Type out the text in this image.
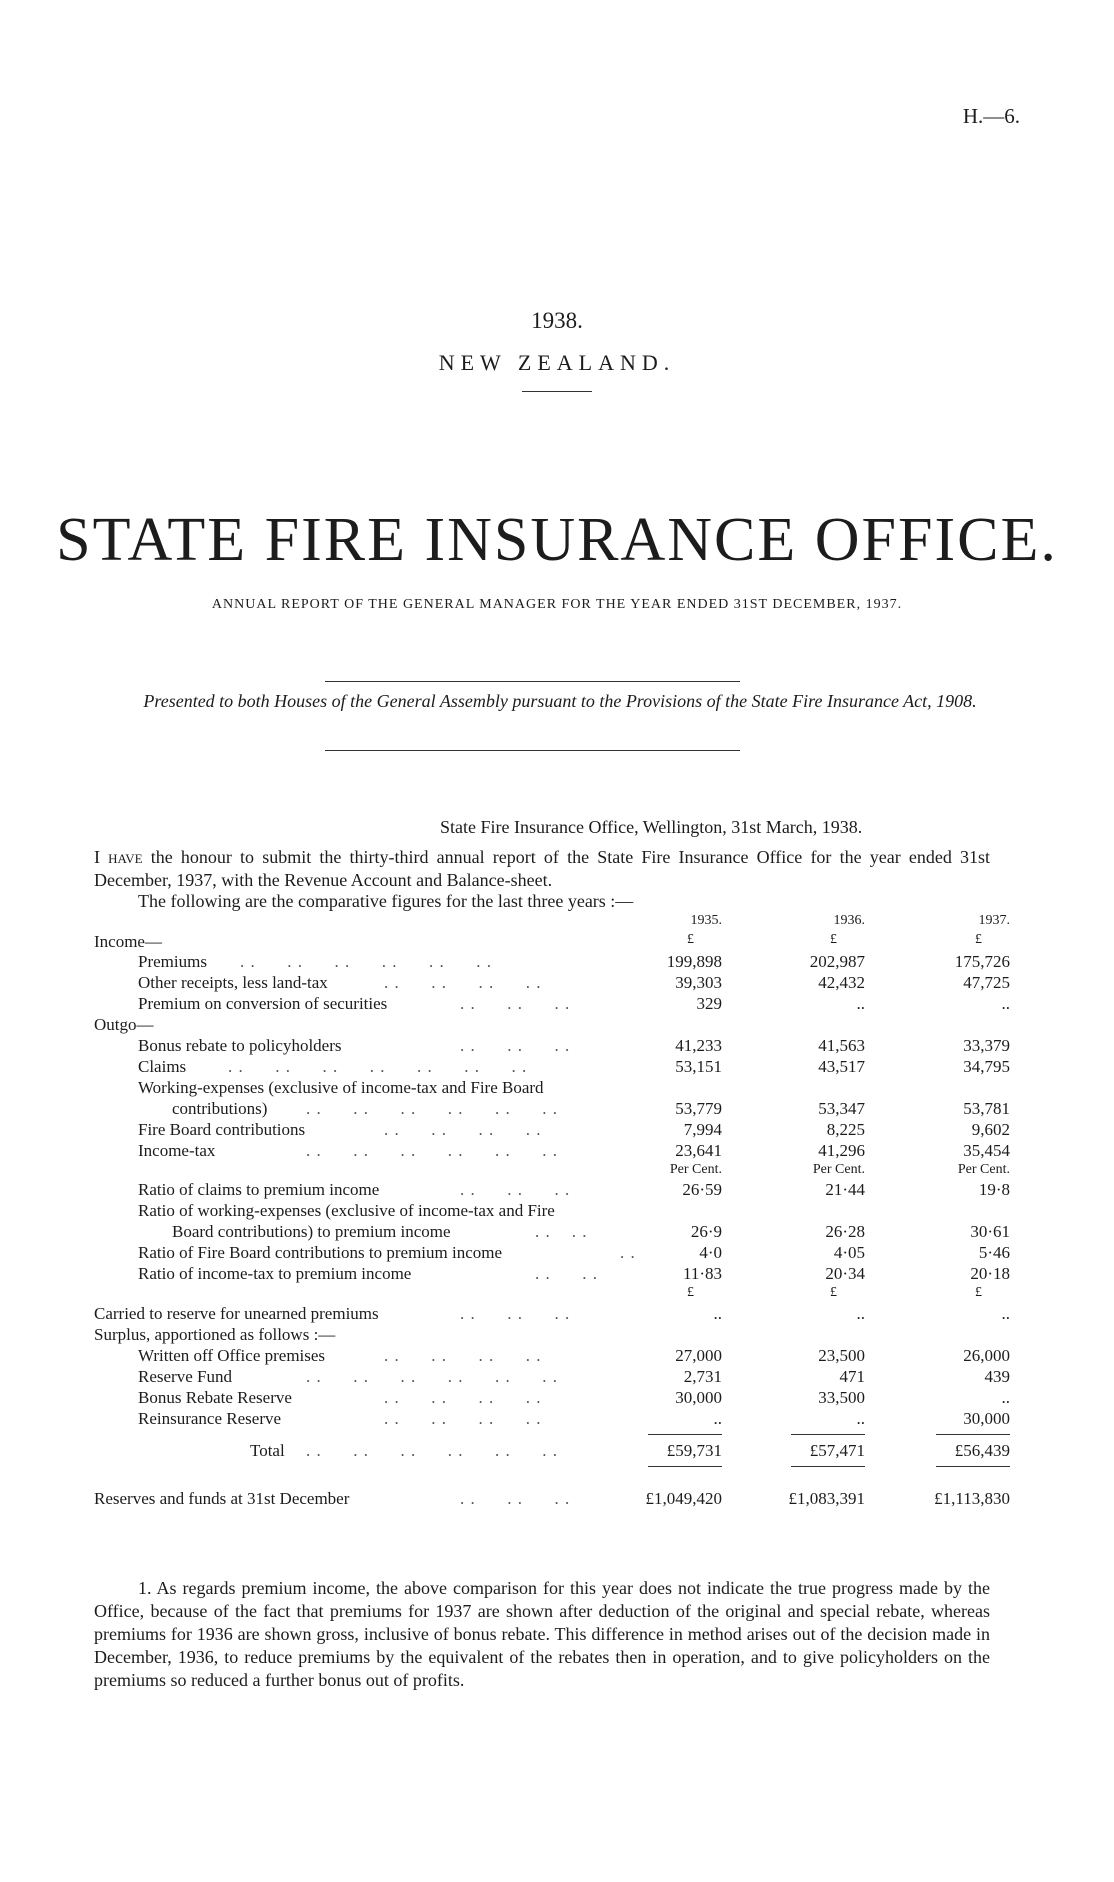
H.—6.
1938.
NEW ZEALAND.
STATE FIRE INSURANCE OFFICE.
ANNUAL REPORT OF THE GENERAL MANAGER FOR THE YEAR ENDED 31ST DECEMBER, 1937.
Presented to both Houses of the General Assembly pursuant to the Provisions of the State Fire Insurance Act, 1908.
State Fire Insurance Office, Wellington, 31st March, 1938.
I have the honour to submit the thirty-third annual report of the State Fire Insurance Office for the year ended 31st December, 1937, with the Revenue Account and Balance-sheet.
The following are the comparative figures for the last three years :—
1935.	1936.	1937.
£	£	£
Income—
Premiums . .      . .      . .      . .      . .      . .	199,898	202,987	175,726
Other receipts, less land-tax	. .      . .      . .      . .	39,303	42,432	47,725
Premium on conversion of securities	. .      . .      . .	329	..	..
Outgo—
Bonus rebate to policyholders	. .      . .      . .	41,233	41,563	33,379
Claims . .      . .      . .      . .      . .      . .      . .	53,151	43,517	34,795
Working-expenses (exclusive of income-tax and Fire Board
contributions) . .      . .      . .      . .      . .      . .	53,779	53,347	53,781
Fire Board contributions	. .      . .      . .      . .	7,994	8,225	9,602
Income-tax	. .      . .      . .      . .      . .      . .	23,641	41,296	35,454
Per Cent.	Per Cent.	Per Cent.
Ratio of claims to premium income	. .      . .      . .	26·59	21·44	19·8
Ratio of working-expenses (exclusive of income-tax and Fire
Board contributions) to premium income	. .    . .	26·9	26·28	30·61
Ratio of Fire Board contributions to premium income	. .	4·0	4·05	5·46
Ratio of income-tax to premium income	. .      . .	11·83	20·34	20·18
£	£	£
Carried to reserve for unearned premiums	. .      . .      . .	..	..	..
Surplus, apportioned as follows :—
Written off Office premises	. .      . .      . .      . .	27,000	23,500	26,000
Reserve Fund	. .      . .      . .      . .      . .      . .	2,731	471	439
Bonus Rebate Reserve	. .      . .      . .      . .	30,000	33,500	..
Reinsurance Reserve	. .      . .      . .      . .	..	..	30,000
Total . .      . .      . .      . .      . .      . .	£59,731	£57,471	£56,439
Reserves and funds at 31st December	. .      . .      . .	£1,049,420	£1,083,391	£1,113,830
1. As regards premium income, the above comparison for this year does not indicate the true progress made by the Office, because of the fact that premiums for 1937 are shown after deduction of the original and special rebate, whereas premiums for 1936 are shown gross, inclusive of bonus rebate. This difference in method arises out of the decision made in December, 1936, to reduce premiums by the equivalent of the rebates then in operation, and to give policyholders on the premiums so reduced a further bonus out of profits.
